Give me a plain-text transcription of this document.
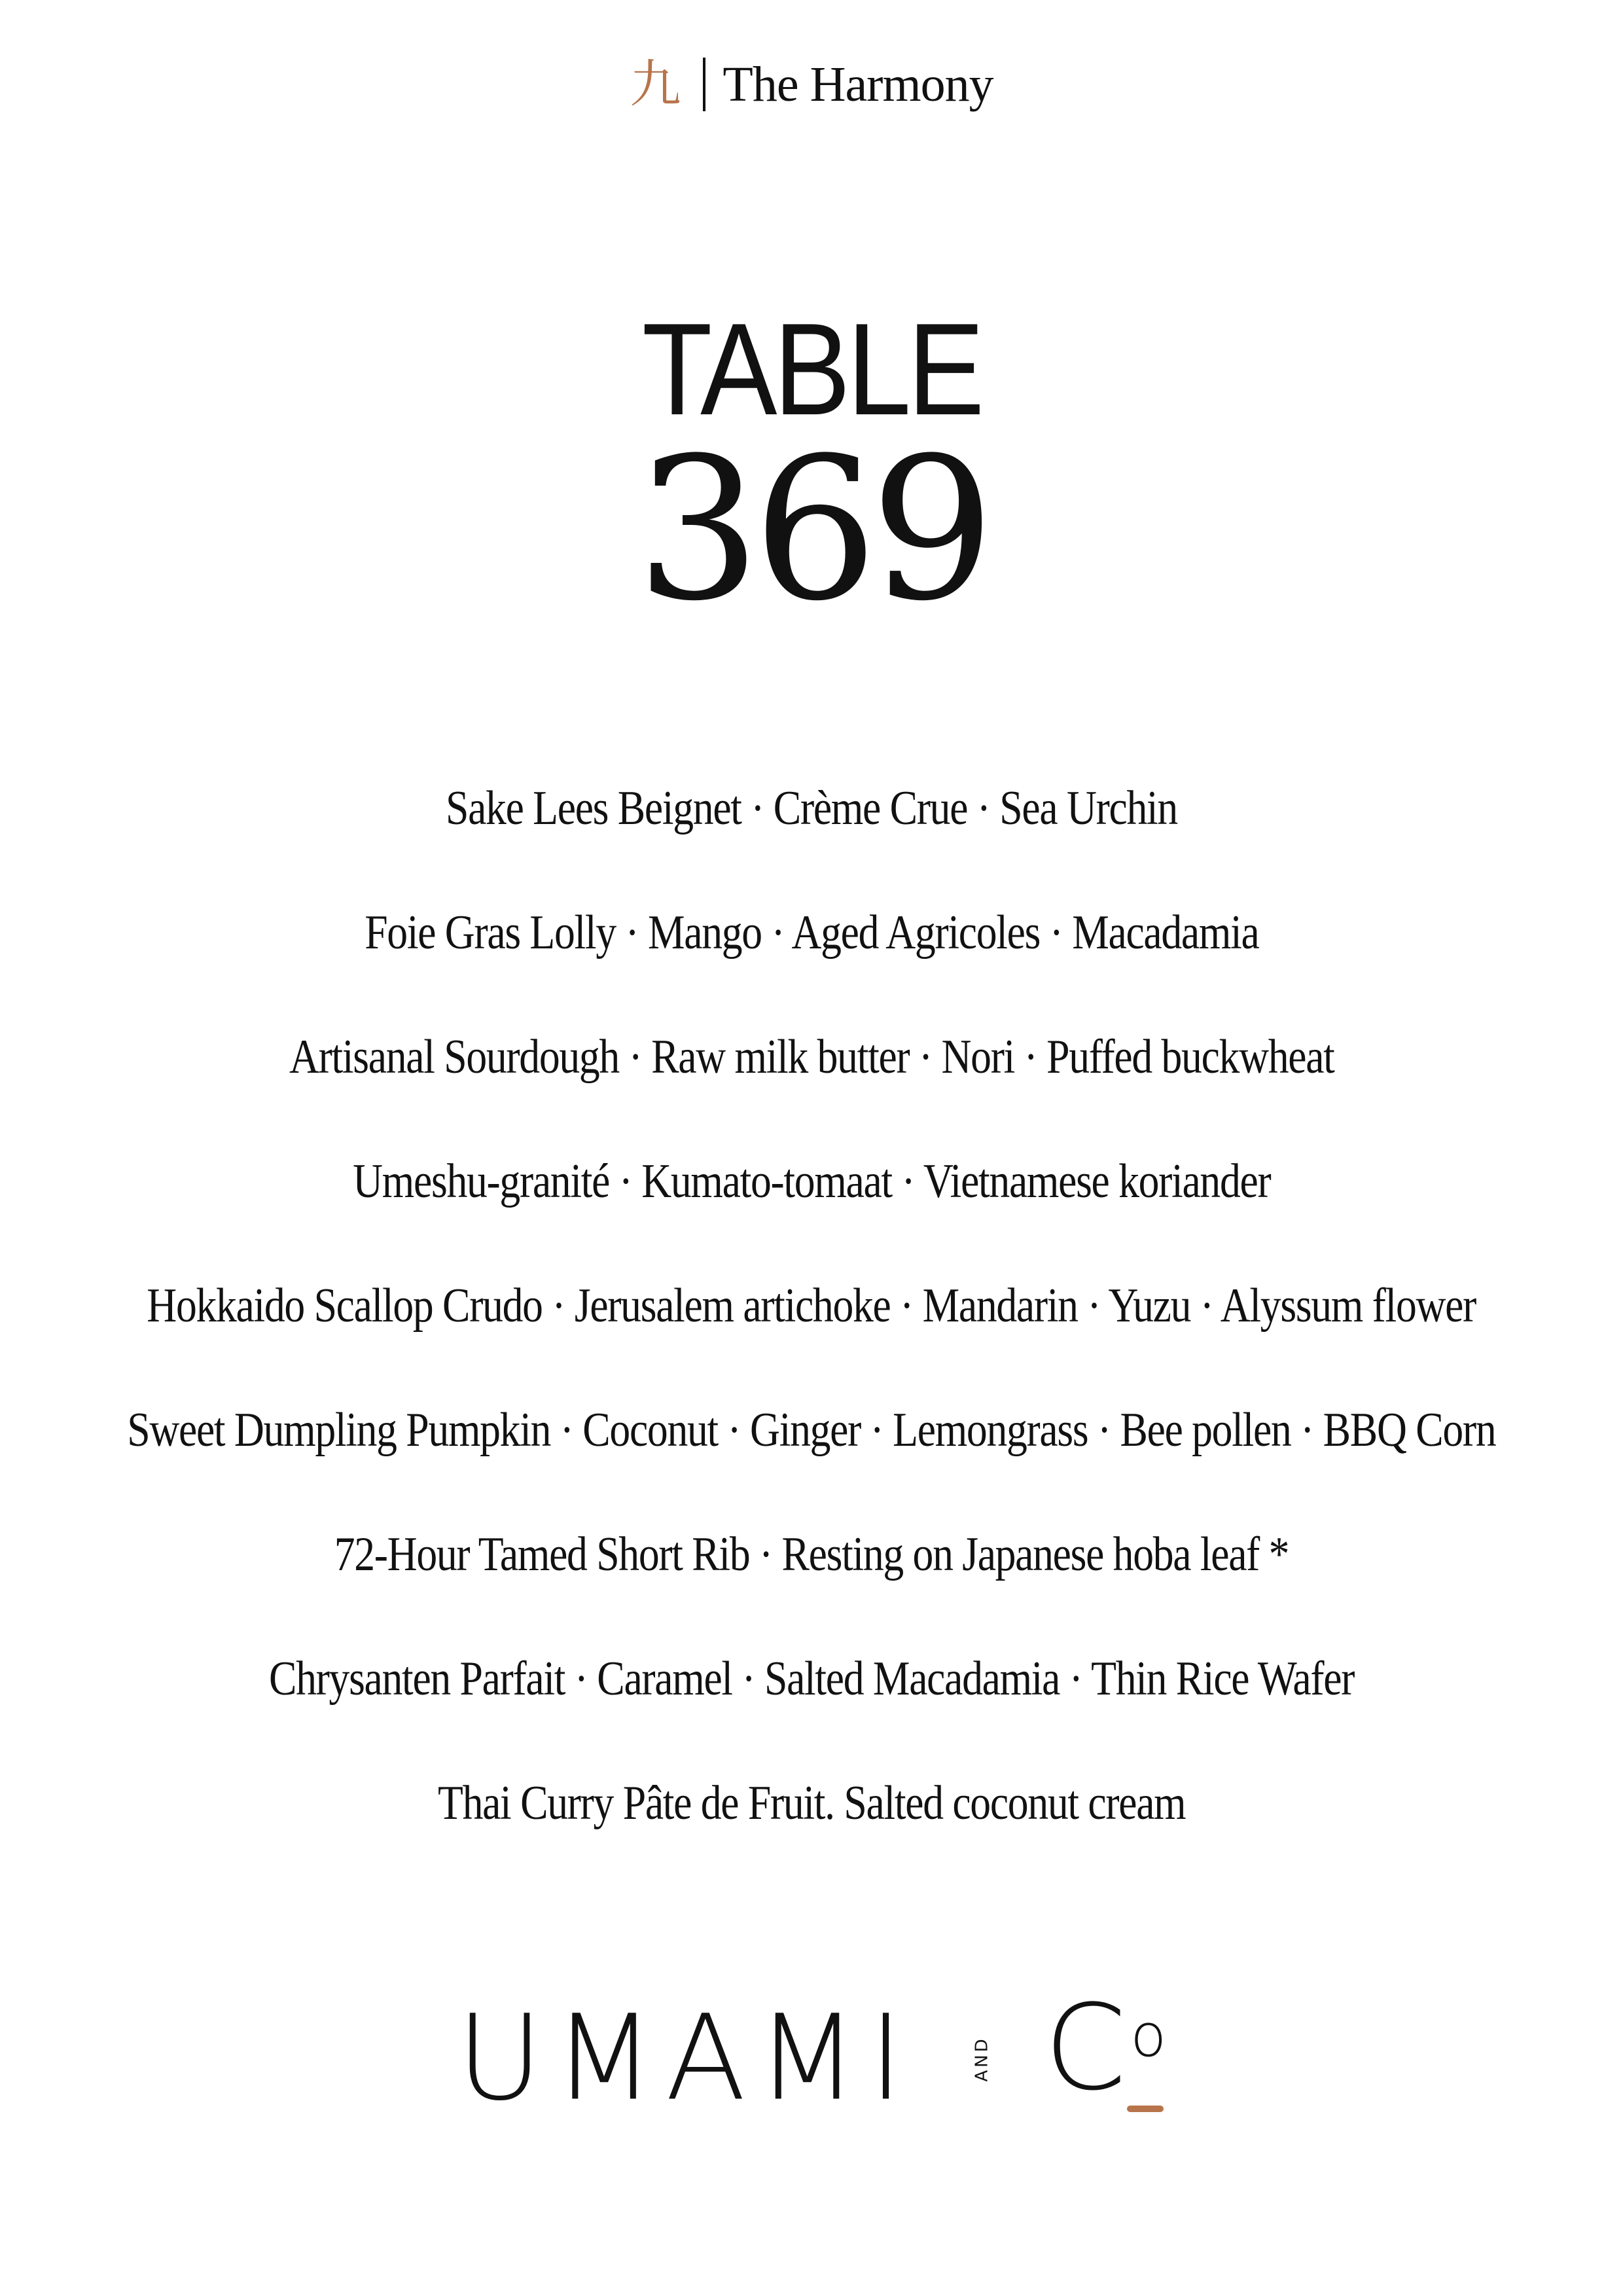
九 The Harmony
TABLE
369
Sake Lees Beignet · Crème Crue · Sea Urchin
Foie Gras Lolly · Mango · Aged Agricoles · Macadamia
Artisanal Sourdough · Raw milk butter · Nori · Puffed buckwheat
Umeshu-granité · Kumato-tomaat · Vietnamese koriander
Hokkaido Scallop Crudo · Jerusalem artichoke · Mandarin · Yuzu · Alyssum flower
Sweet Dumpling Pumpkin · Coconut · Ginger · Lemongrass · Bee pollen · BBQ Corn
72-Hour Tamed Short Rib · Resting on Japanese hoba leaf *
Chrysanten Parfait · Caramel · Salted Macadamia · Thin Rice Wafer
Thai Curry Pâte de Fruit. Salted coconut cream
UMAMI	AND $C^o$
